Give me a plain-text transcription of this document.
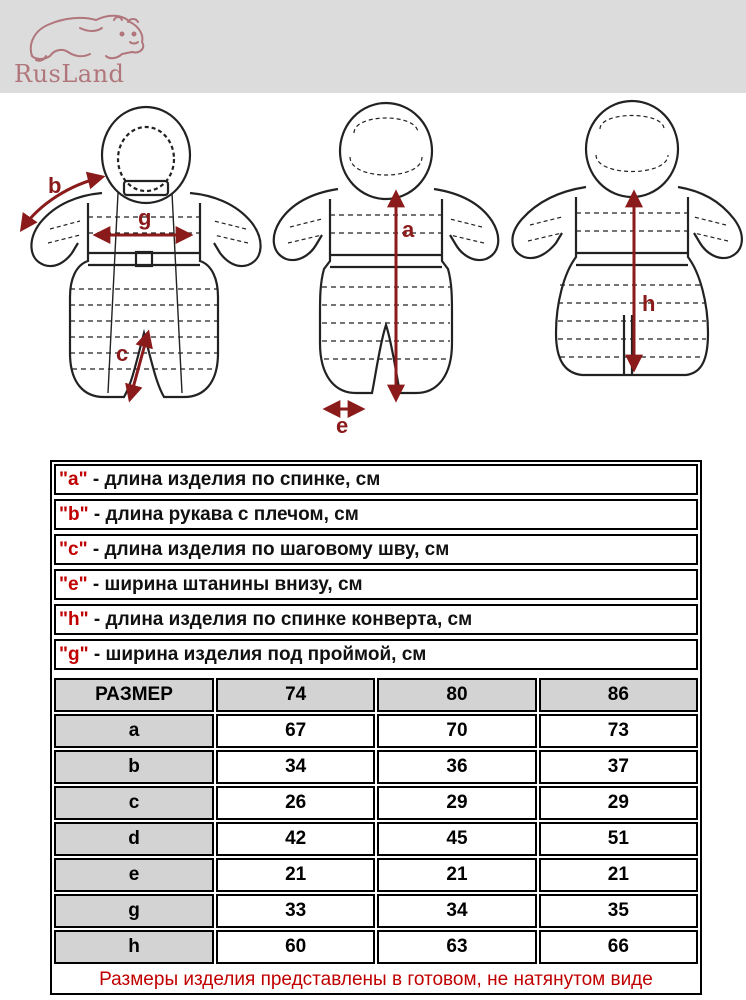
RusLand
b
g
c
a
e
h
"a" - длина изделия по спинке, см
"b" - длина рукава с плечом, см
"c" - длина изделия по шаговому шву, см
"e" - ширина штанины внизу, см
"h" - длина изделия по спинке конверта, см
"g" - ширина изделия под проймой, см
РАЗМЕР	74	80	86
a	67	70	73
b	34	36	37
c	26	29	29
d	42	45	51
e	21	21	21
g	33	34	35
h	60	63	66
Размеры изделия представлены в готовом, не натянутом виде
